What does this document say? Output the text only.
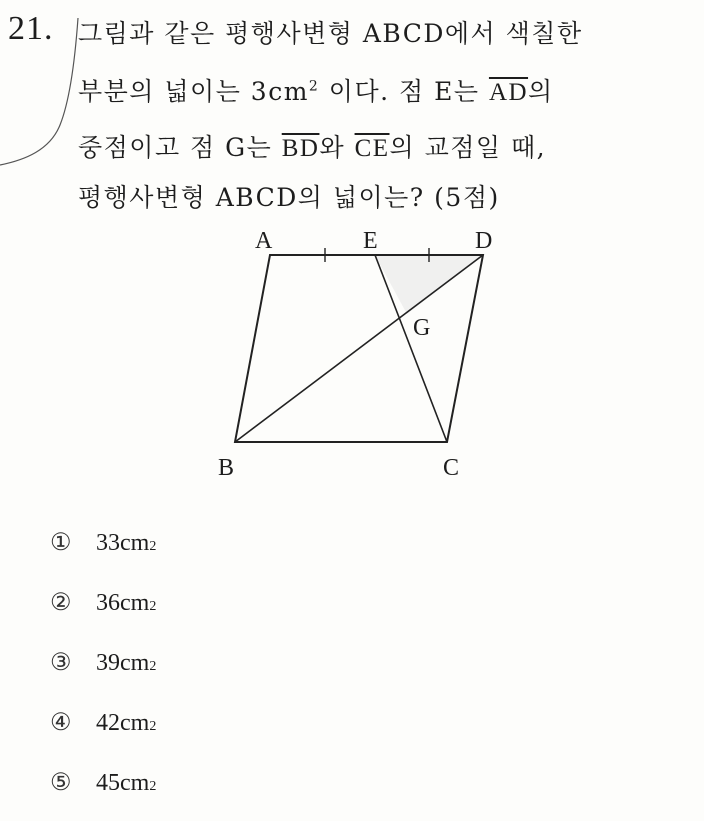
21. 그림과 같은 평행사변형 ABCD에서 색칠한
부분의 넓이는 $3cm^2$ 이다. 점 E는 $\overline{AD}$의
중점이고 점 G는 $\overline{BD}$와 $\overline{CE}$의 교점일 때,
평행사변형 ABCD의 넓이는? (5점)
A	E	D
G
B	C
①	33cm 2
②	36cm 2
③	39cm 2
④	42cm 2
⑤	45cm 2
